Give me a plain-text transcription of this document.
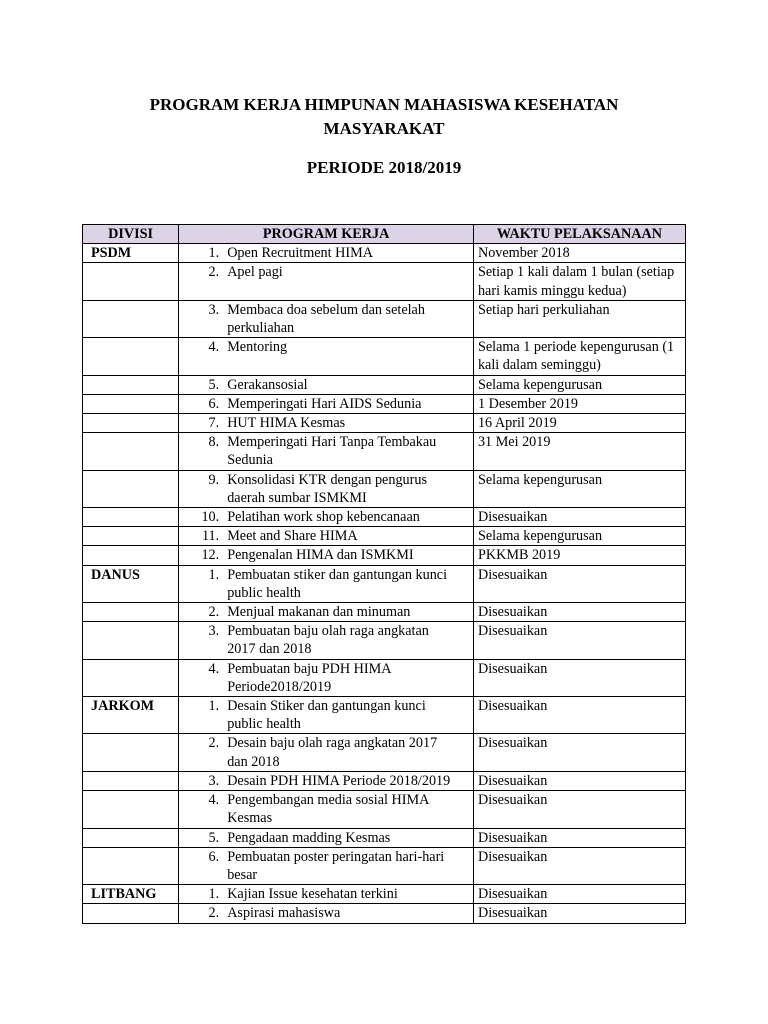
PROGRAM KERJA HIMPUNAN MAHASISWA KESEHATAN
MASYARAKAT
PERIODE 2018/2019
DIVISI	PROGRAM KERJA	WAKTU PELAKSANAAN
PSDM	1. Open Recruitment HIMA	November 2018
	2. Apel pagi	Setiap 1 kali dalam 1 bulan (setiap hari kamis minggu kedua)
	3. Membaca doa sebelum dan setelah perkuliahan	Setiap hari perkuliahan
	4. Mentoring	Selama 1 periode kepengurusan (1 kali dalam seminggu)
	5. Gerakansosial	Selama kepengurusan
	6. Memperingati Hari AIDS Sedunia	1 Desember 2019
	7. HUT HIMA Kesmas	16 April 2019
	8. Memperingati Hari Tanpa Tembakau Sedunia	31 Mei 2019
	9. Konsolidasi KTR dengan pengurus daerah sumbar ISMKMI	Selama kepengurusan
	10. Pelatihan work shop kebencanaan	Disesuaikan
	11. Meet and Share HIMA	Selama kepengurusan
	12. Pengenalan HIMA dan ISMKMI	PKKMB 2019
DANUS	1. Pembuatan stiker dan gantungan kunci public health	Disesuaikan
	2. Menjual makanan dan minuman	Disesuaikan
	3. Pembuatan baju olah raga angkatan 2017 dan 2018	Disesuaikan
	4. Pembuatan baju PDH HIMA Periode2018/2019	Disesuaikan
JARKOM	1. Desain Stiker dan gantungan kunci public health	Disesuaikan
	2. Desain baju olah raga angkatan 2017 dan 2018	Disesuaikan
	3. Desain PDH HIMA Periode 2018/2019	Disesuaikan
	4. Pengembangan media sosial HIMA Kesmas	Disesuaikan
	5. Pengadaan madding Kesmas	Disesuaikan
	6. Pembuatan poster peringatan hari-hari besar	Disesuaikan
LITBANG	1. Kajian Issue kesehatan terkini	Disesuaikan
	2. Aspirasi mahasiswa	Disesuaikan
